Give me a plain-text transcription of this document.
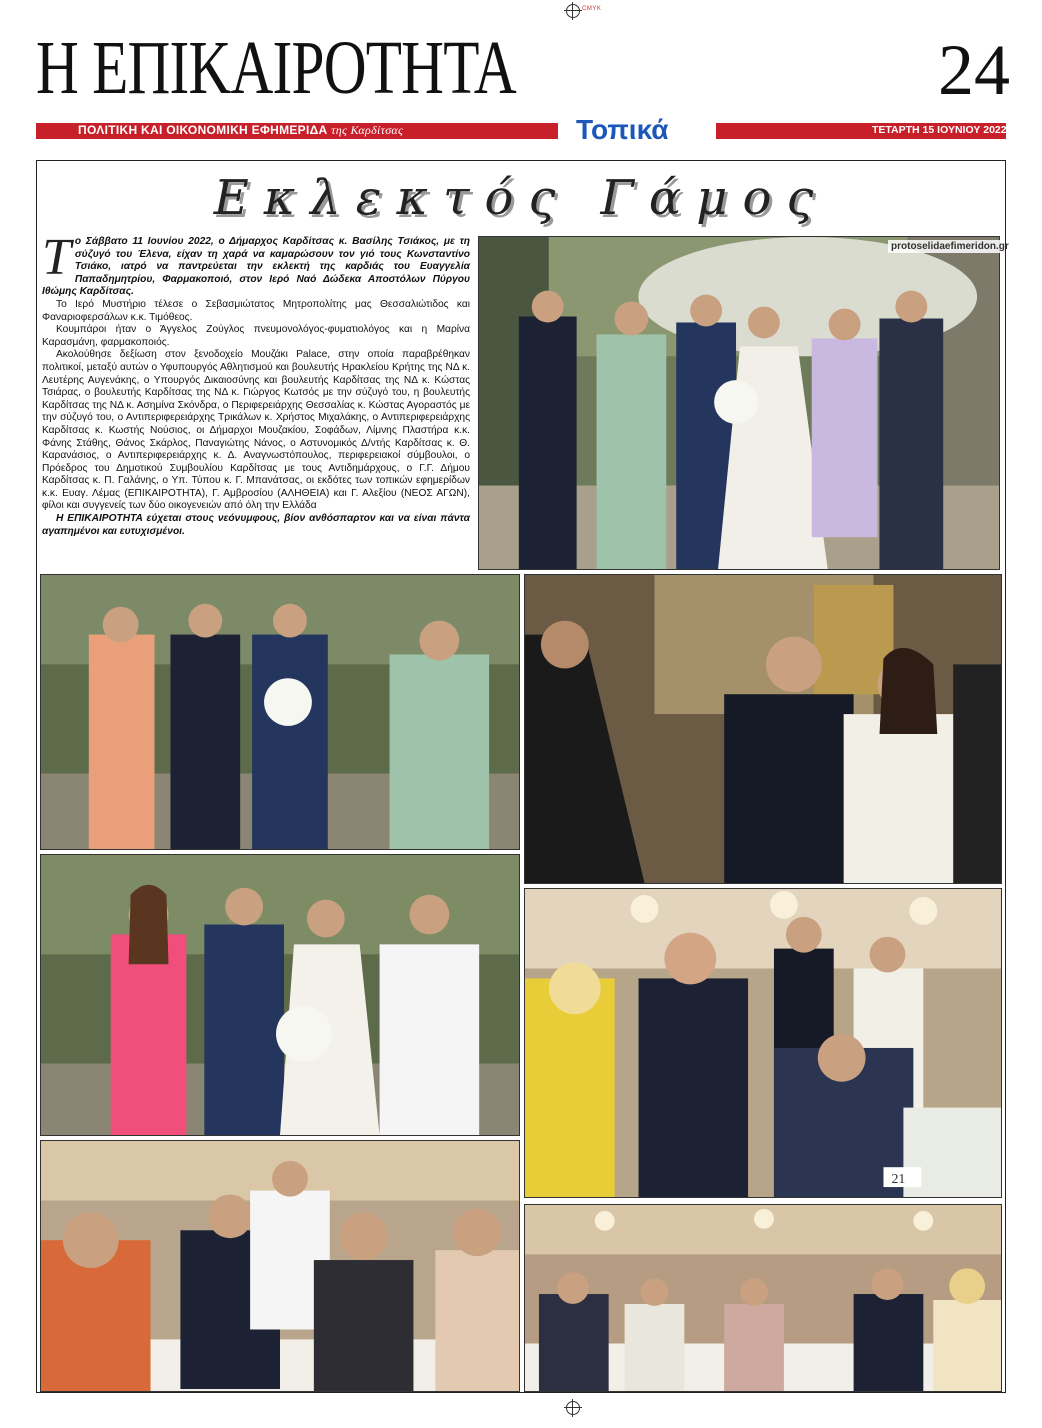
CMYK
Η ΕΠΙΚΑΙΡΟΤΗΤΑ
ΠΟΛΙΤΙΚΗ ΚΑΙ ΟΙΚΟΝΟΜΙΚΗ ΕΦΗΜΕΡΙΔΑ της Καρδίτσας	Τοπικά
24
ΤΕΤΑΡΤΗ 15 ΙΟΥΝΙΟΥ 2022
Εκλεκτός Γάμος

Το Σάββατο 11 Ιουνίου 2022, ο Δήμαρχος Καρδίτσας κ. Βασίλης Τσιάκος, με τη σύζυγό του Έλενα, είχαν τη χαρά να καμαρώσουν τον γιό τους Κωνσταντίνο Τσιάκο, ιατρό να παντρεύεται την εκλεκτή της καρδιάς του Ευαγγελία Παπαδημητρίου, Φαρμακοποιό, στον Ιερό Ναό Δώδεκα Αποστόλων Πύργου Ιθώμης Καρδίτσας.

Το Ιερό Μυστήριο τέλεσε ο Σεβασμιώτατος Μητροπολίτης μας Θεσσαλιώτιδος και Φαναριοφερσάλων κ.κ. Τιμόθεος.

Κουμπάροι ήταν ο Άγγελος Ζούγλος πνευμονολόγος-φυματιολόγος και η Μαρίνα Καρασμάνη, φαρμακοποιός.

Ακολούθησε δεξίωση στον ξενοδοχείο Μουζάκι Palace, στην οποία παραβρέθηκαν πολιτικοί, μεταξύ αυτών ο Υφυπουργός Αθλητισμού και βουλευτής Ηρακλείου Κρήτης της ΝΔ κ. Λευτέρης Αυγενάκης, ο Υπουργός Δικαιοσύνης και βουλευτής Καρδίτσας της ΝΔ κ. Κώστας Τσιάρας, ο βουλευτής Καρδίτσας της ΝΔ κ. Γιώργος Κωτσός με την σύζυγό του, η βουλευτής Καρδίτσας της ΝΔ κ. Ασημίνα Σκόνδρα, ο Περιφερειάρχης Θεσσαλίας κ. Κώστας Αγοραστός με την σύζυγό του, ο Αντιπεριφερειάρχης Τρικάλων κ. Χρήστος Μιχαλάκης, ο Αντιπεριφερειάρχης Καρδίτσας κ. Κωστής Νούσιος, οι Δήμαρχοι Μουζακίου, Σοφάδων, Λίμνης Πλαστήρα κ.κ. Φάνης Στάθης, Θάνος Σκάρλος, Παναγιώτης Νάνος, ο Αστυνομικός Δ/ντής Καρδίτσας κ. Θ. Καρανάσιος, ο Αντιπεριφερειάρχης κ. Δ. Αναγνωστόπουλος, περιφερειακοί σύμβουλοι, ο Πρόεδρος του Δημοτικού Συμβουλίου Καρδίτσας με τους Αντιδημάρχους, ο Γ.Γ. Δήμου Καρδίτσας κ. Π. Γαλάνης, ο Υπ. Τύπου κ. Γ. Μπανάτσας, οι εκδότες των τοπικών εφημερίδων κ.κ. Ευαγ. Λέμας (ΕΠΙΚΑΙΡΟΤΗΤΑ), Γ. Αμβροσίου (ΑΛΗΘΕΙΑ) και Γ. Αλεξίου (ΝΕΟΣ ΑΓΩΝ), φίλοι και συγγενείς των δύο οικογενειών από όλη την Ελλάδα

Η ΕΠΙΚΑΙΡΟΤΗΤΑ εύχεται στους νεόνυμφους, βίον ανθόσπαρτον και να είναι πάντα αγαπημένοι και ευτυχισμένοι.

protoselidaefimeridon.gr
21
